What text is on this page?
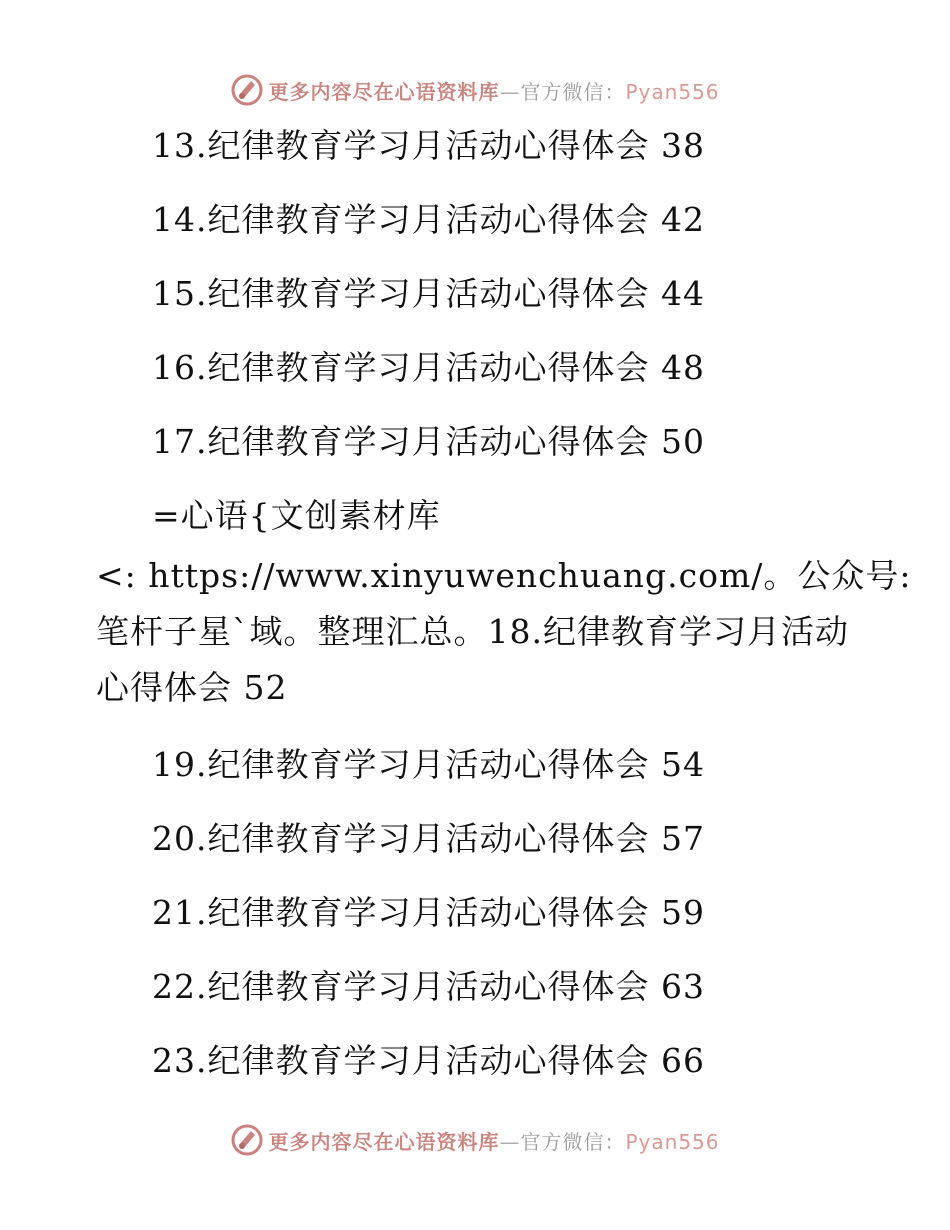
更多内容尽在心语资料库—官方微信：Pyan556
13.纪律教育学习月活动心得体会 38
14.纪律教育学习月活动心得体会 42
15.纪律教育学习月活动心得体会 44
16.纪律教育学习月活动心得体会 48
17.纪律教育学习月活动心得体会 50
=心语{文创素材库
<: https://www.xinyuwenchuang.com/。公众号:
笔杆子星`域。整理汇总。18.纪律教育学习月活动
心得体会 52
19.纪律教育学习月活动心得体会 54
20.纪律教育学习月活动心得体会 57
21.纪律教育学习月活动心得体会 59
22.纪律教育学习月活动心得体会 63
23.纪律教育学习月活动心得体会 66
更多内容尽在心语资料库—官方微信：Pyan556
